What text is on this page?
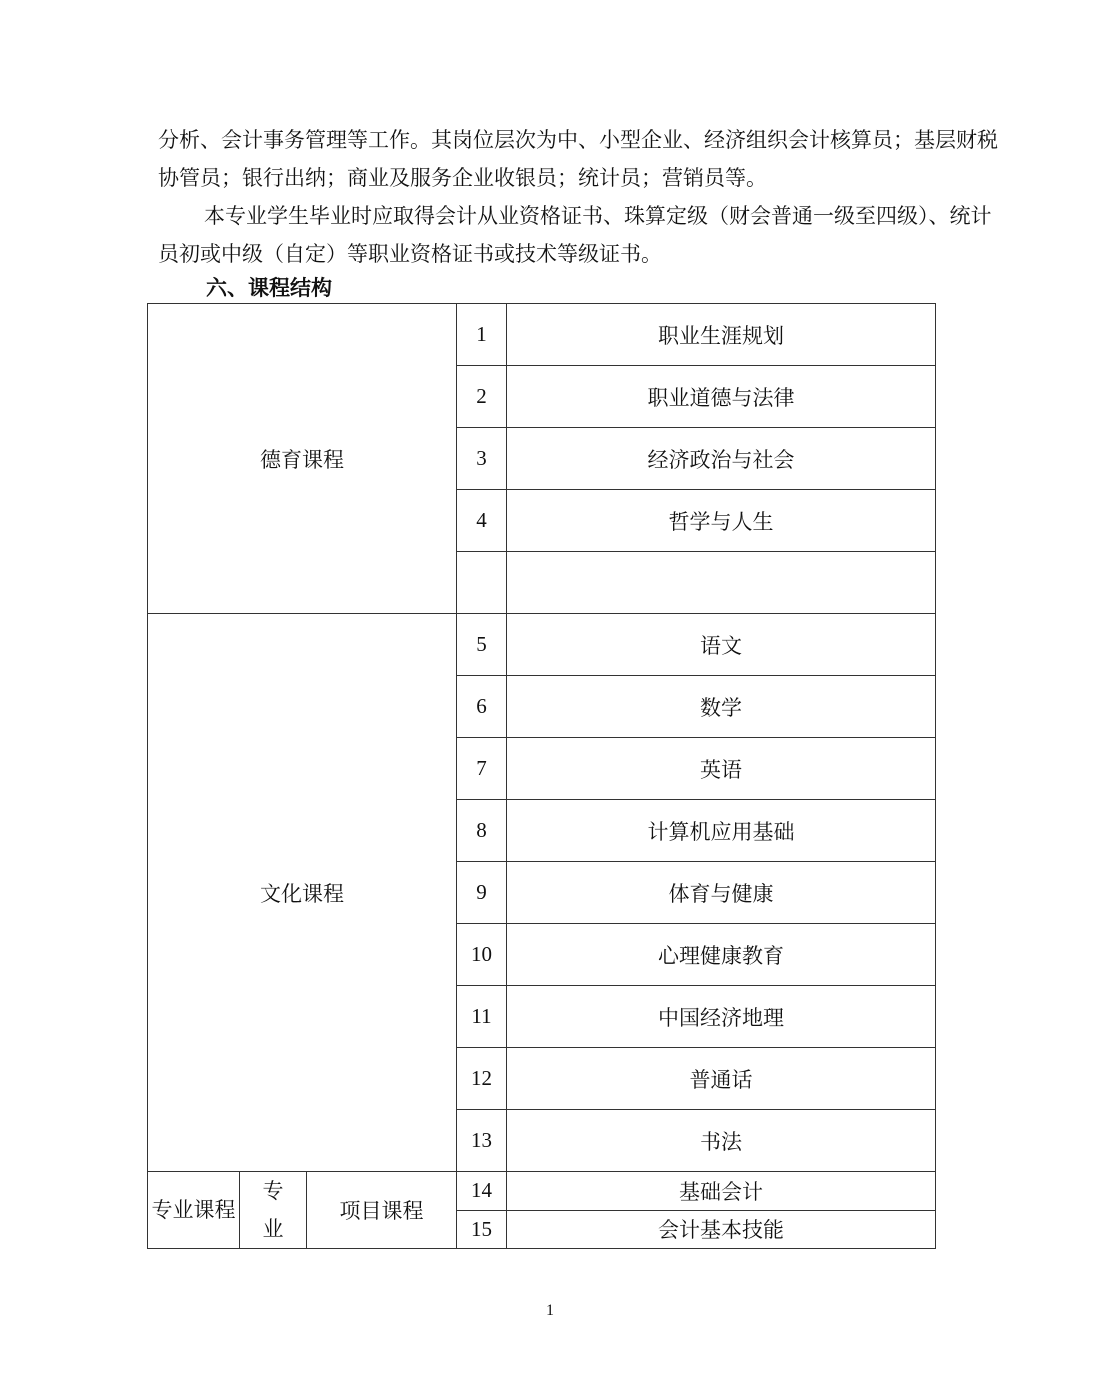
分析、会计事务管理等工作。其岗位层次为中、小型企业、经济组织会计核算员；基层财税协管员；银行出纳；商业及服务企业收银员；统计员；营销员等。
本专业学生毕业时应取得会计从业资格证书、珠算定级（财会普通一级至四级）、统计员初或中级（自定）等职业资格证书或技术等级证书。
六、课程结构
德育课程			1	职业生涯规划
			2	职业道德与法律
			3	经济政治与社会
			4	哲学与人生

文化课程			5	语文
			6	数学
			7	英语
			8	计算机应用基础
			9	体育与健康
			10	心理健康教育
			11	中国经济地理
			12	普通话
			13	书法
专业课程	专业	项目课程	14	基础会计
			15	会计基本技能
1
